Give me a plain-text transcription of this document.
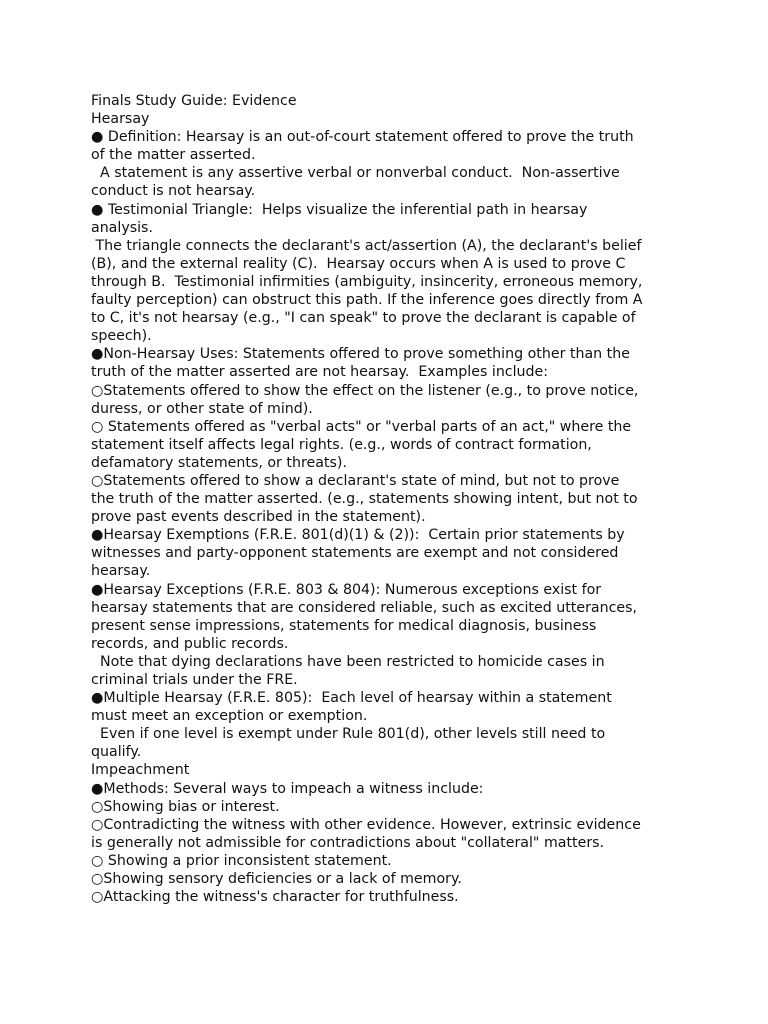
Finals Study Guide: Evidence
Hearsay
● Definition: Hearsay is an out-of-court statement offered to prove the truth
of the matter asserted.
A statement is any assertive verbal or nonverbal conduct.  Non-assertive
conduct is not hearsay.
● Testimonial Triangle:  Helps visualize the inferential path in hearsay
analysis.
The triangle connects the declarant's act/assertion (A), the declarant's belief
(B), and the external reality (C).  Hearsay occurs when A is used to prove C
through B.  Testimonial infirmities (ambiguity, insincerity, erroneous memory,
faulty perception) can obstruct this path. If the inference goes directly from A
to C, it's not hearsay (e.g., "I can speak" to prove the declarant is capable of
speech).
●Non-Hearsay Uses: Statements offered to prove something other than the
truth of the matter asserted are not hearsay.  Examples include:
○Statements offered to show the effect on the listener (e.g., to prove notice,
duress, or other state of mind).
○ Statements offered as "verbal acts" or "verbal parts of an act," where the
statement itself affects legal rights. (e.g., words of contract formation,
defamatory statements, or threats).
○Statements offered to show a declarant's state of mind, but not to prove
the truth of the matter asserted. (e.g., statements showing intent, but not to
prove past events described in the statement).
●Hearsay Exemptions (F.R.E. 801(d)(1) & (2)):  Certain prior statements by
witnesses and party-opponent statements are exempt and not considered
hearsay.
●Hearsay Exceptions (F.R.E. 803 & 804): Numerous exceptions exist for
hearsay statements that are considered reliable, such as excited utterances,
present sense impressions, statements for medical diagnosis, business
records, and public records.
Note that dying declarations have been restricted to homicide cases in
criminal trials under the FRE.
●Multiple Hearsay (F.R.E. 805):  Each level of hearsay within a statement
must meet an exception or exemption.
Even if one level is exempt under Rule 801(d), other levels still need to
qualify.
Impeachment
●Methods: Several ways to impeach a witness include:
○Showing bias or interest.
○Contradicting the witness with other evidence. However, extrinsic evidence
is generally not admissible for contradictions about "collateral" matters.
○ Showing a prior inconsistent statement.
○Showing sensory deficiencies or a lack of memory.
○Attacking the witness's character for truthfulness.
